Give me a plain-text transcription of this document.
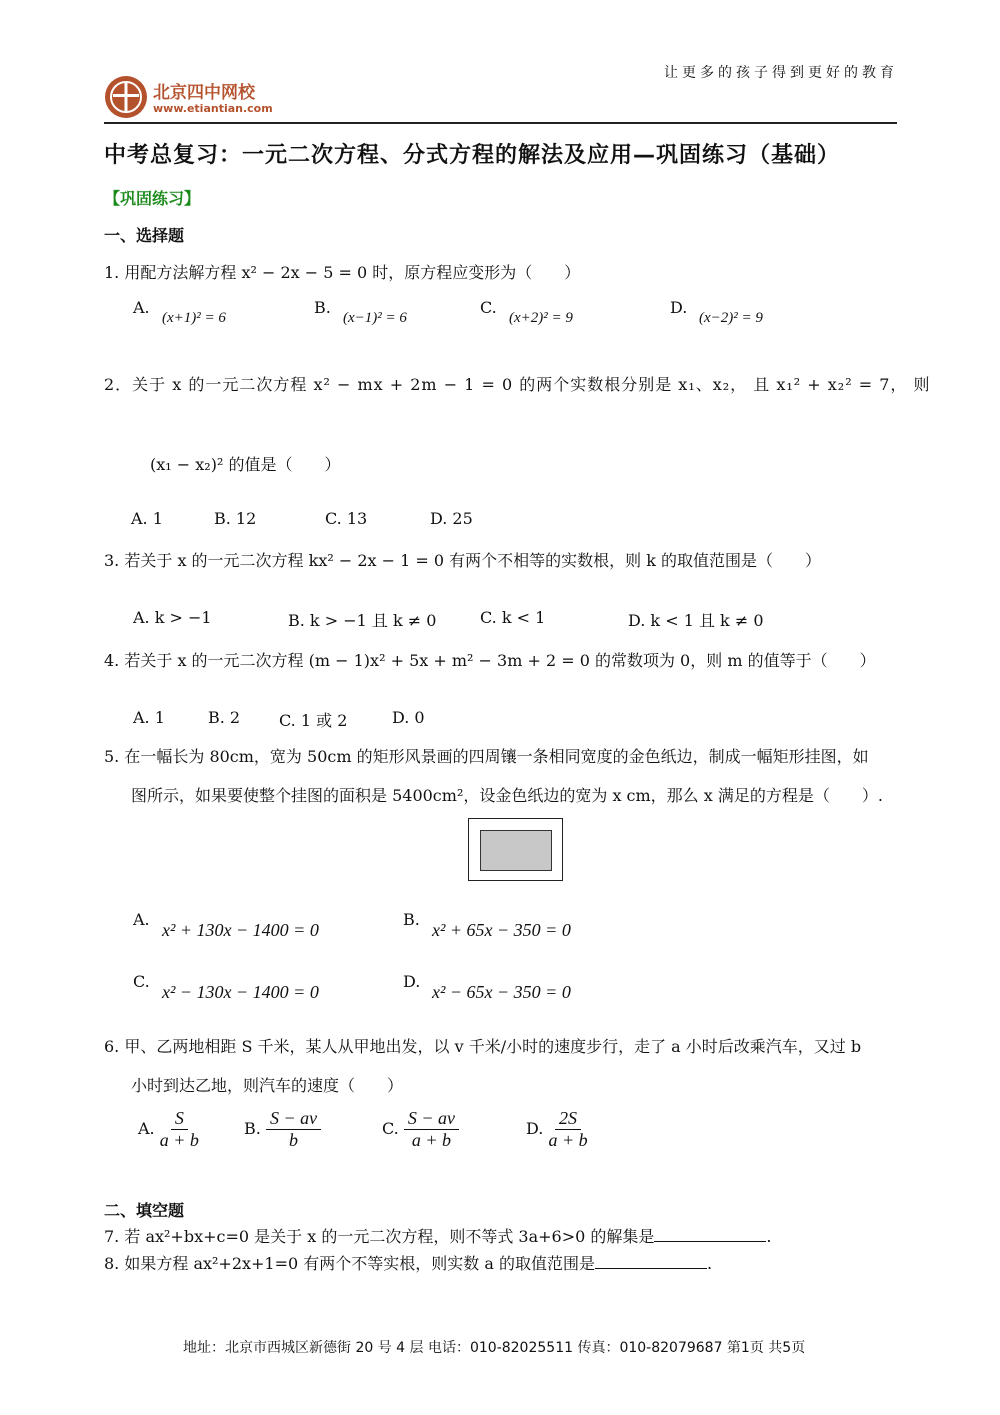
让更多的孩子得到更好的教育
北京四中网校
www.etiantian.com
中考总复习：一元二次方程、分式方程的解法及应用—巩固练习（基础）
【巩固练习】
一、选择题
1. 用配方法解方程 x² − 2x − 5 = 0 时，原方程应变形为（　　）
A.
(x+1)² = 6
B.
(x−1)² = 6
C.
(x+2)² = 9
D.
(x−2)² = 9
2．关于 x 的一元二次方程 x² − mx + 2m − 1 = 0 的两个实数根分别是 x₁、x₂， 且 x₁² + x₂² = 7， 则
(x₁ − x₂)² 的值是（　　）
A. 1	B. 12	C. 13	D. 25
3. 若关于 x 的一元二次方程 kx² − 2x − 1 = 0 有两个不相等的实数根，则 k 的取值范围是（　　）
A. k > −1	B. k > −1 且 k ≠ 0	C. k < 1	D. k < 1 且 k ≠ 0
4. 若关于 x 的一元二次方程 (m − 1)x² + 5x + m² − 3m + 2 = 0 的常数项为 0，则 m 的值等于（　　）
A. 1	B. 2 C. 1 或 2	D. 0
5. 在一幅长为 80cm，宽为 50cm 的矩形风景画的四周镶一条相同宽度的金色纸边，制成一幅矩形挂图，如
图所示，如果要使整个挂图的面积是 5400cm²，设金色纸边的宽为 x cm，那么 x 满足的方程是（　　）.
A.
x² + 130x − 1400 = 0
B.
x² + 65x − 350 = 0
C.
x² − 130x − 1400 = 0
D.
x² − 65x − 350 = 0
6. 甲、乙两地相距 S 千米，某人从甲地出发，以 v 千米/小时的速度步行，走了 a 小时后改乘汽车，又过 b
小时到达乙地，则汽车的速度（　　）
A. $\frac{S}{a + b}$	B. $\frac{S - av}{b}$	C. $\frac{S - av}{a + b}$	D. $\frac{2S}{a + b}$
二、填空题
7. 若 ax²+bx+c=0 是关于 x 的一元二次方程，则不等式 3a+6>0 的解集是	.
8. 如果方程 ax²+2x+1=0 有两个不等实根，则实数 a 的取值范围是	.
地址：北京市西城区新德街 20 号 4 层 电话：010-82025511 传真：010-82079687 第1页 共5页
